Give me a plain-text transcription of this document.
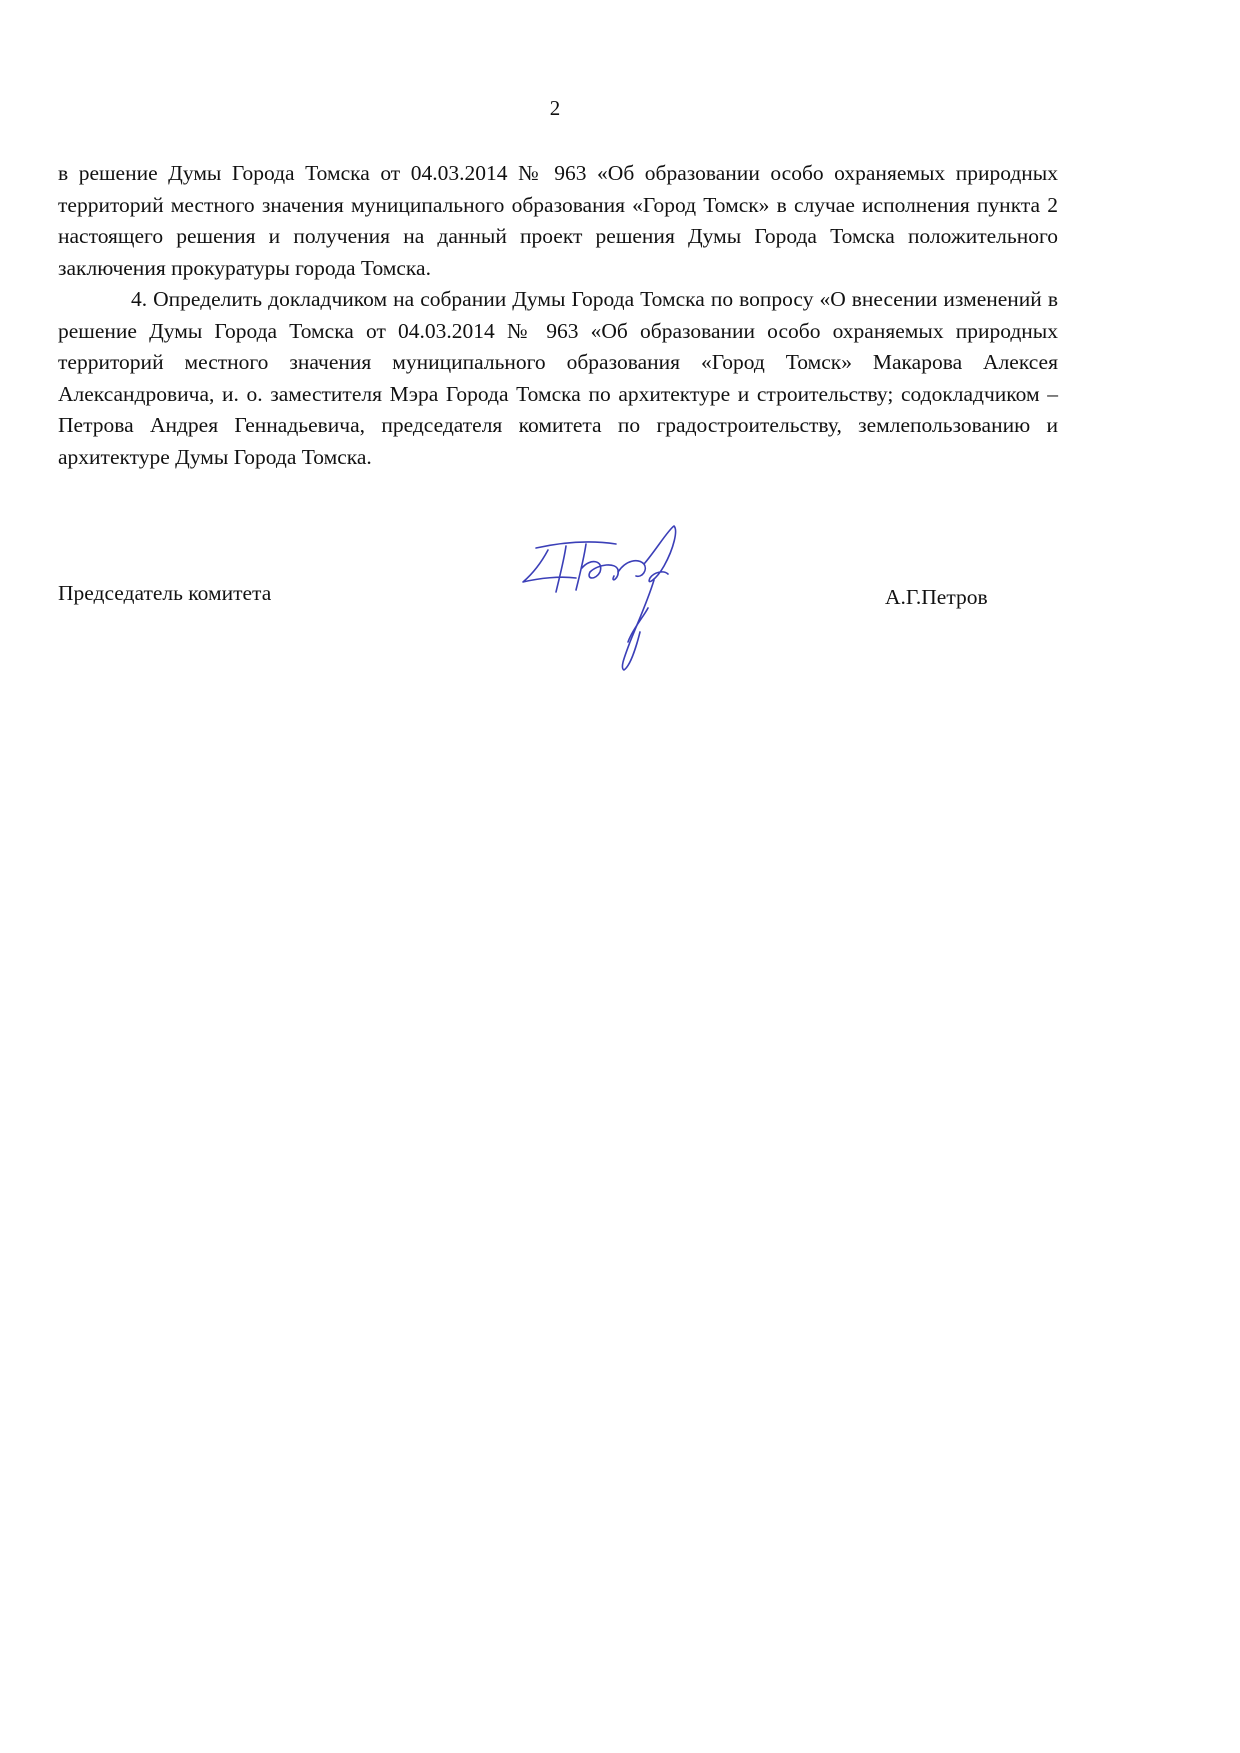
2

в решение Думы Города Томска от 04.03.2014 № 963 «Об образовании особо охраняемых природных территорий местного значения муниципального образования «Город Томск» в случае исполнения пункта 2 настоящего решения и получения на данный проект решения Думы Города Томска положительного заключения прокуратуры города Томска.

4. Определить докладчиком на собрании Думы Города Томска по вопросу «О внесении изменений в решение Думы Города Томска от 04.03.2014 № 963 «Об образовании особо охраняемых природных территорий местного значения муниципального образования «Город Томск» Макарова Алексея Александровича, и. о. заместителя Мэра Города Томска по архитектуре и строительству; содокладчиком – Петрова Андрея Геннадьевича, председателя комитета по градостроительству, землепользованию и архитектуре Думы Города Томска.

Председатель комитета	А.Г.Петров
